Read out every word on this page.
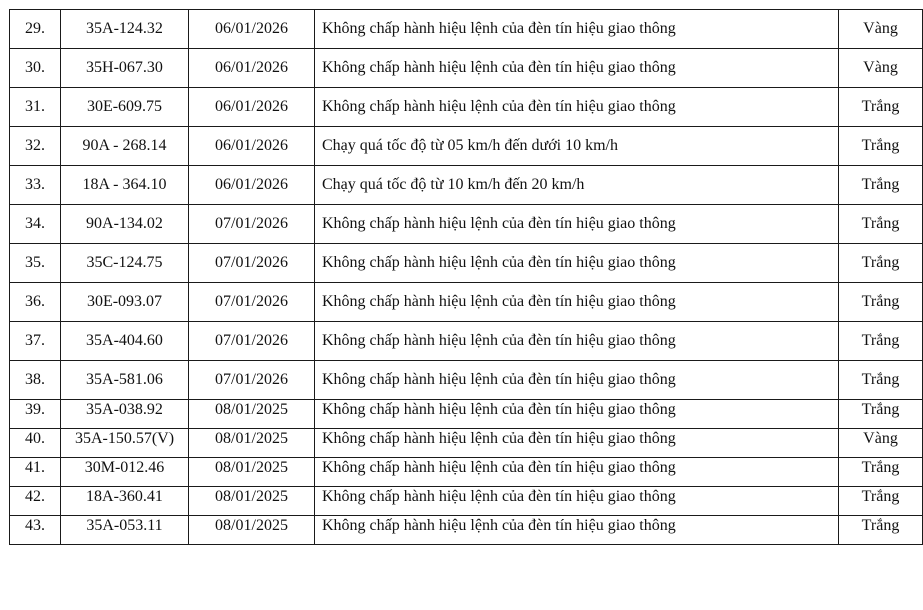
29.	35A-124.32	06/01/2026	Không chấp hành hiệu lệnh của đèn tín hiệu giao thông	Vàng
30.	35H-067.30	06/01/2026	Không chấp hành hiệu lệnh của đèn tín hiệu giao thông	Vàng
31.	30E-609.75	06/01/2026	Không chấp hành hiệu lệnh của đèn tín hiệu giao thông	Trắng
32.	90A - 268.14	06/01/2026	Chạy quá tốc độ từ 05 km/h đến dưới 10 km/h	Trắng
33.	18A - 364.10	06/01/2026	Chạy quá tốc độ từ 10 km/h đến 20 km/h	Trắng
34.	90A-134.02	07/01/2026	Không chấp hành hiệu lệnh của đèn tín hiệu giao thông	Trắng
35.	35C-124.75	07/01/2026	Không chấp hành hiệu lệnh của đèn tín hiệu giao thông	Trắng
36.	30E-093.07	07/01/2026	Không chấp hành hiệu lệnh của đèn tín hiệu giao thông	Trắng
37.	35A-404.60	07/01/2026	Không chấp hành hiệu lệnh của đèn tín hiệu giao thông	Trắng
38.	35A-581.06	07/01/2026	Không chấp hành hiệu lệnh của đèn tín hiệu giao thông	Trắng

39.	35A-038.92	08/01/2025	Không chấp hành hiệu lệnh của đèn tín hiệu giao thông	Trắng

40.	35A-150.57(V)	08/01/2025	Không chấp hành hiệu lệnh của đèn tín hiệu giao thông	Vàng

41.	30M-012.46	08/01/2025	Không chấp hành hiệu lệnh của đèn tín hiệu giao thông	Trắng

42.	18A-360.41	08/01/2025	Không chấp hành hiệu lệnh của đèn tín hiệu giao thông	Trắng

43.	35A-053.11	08/01/2025	Không chấp hành hiệu lệnh của đèn tín hiệu giao thông	Trắng
